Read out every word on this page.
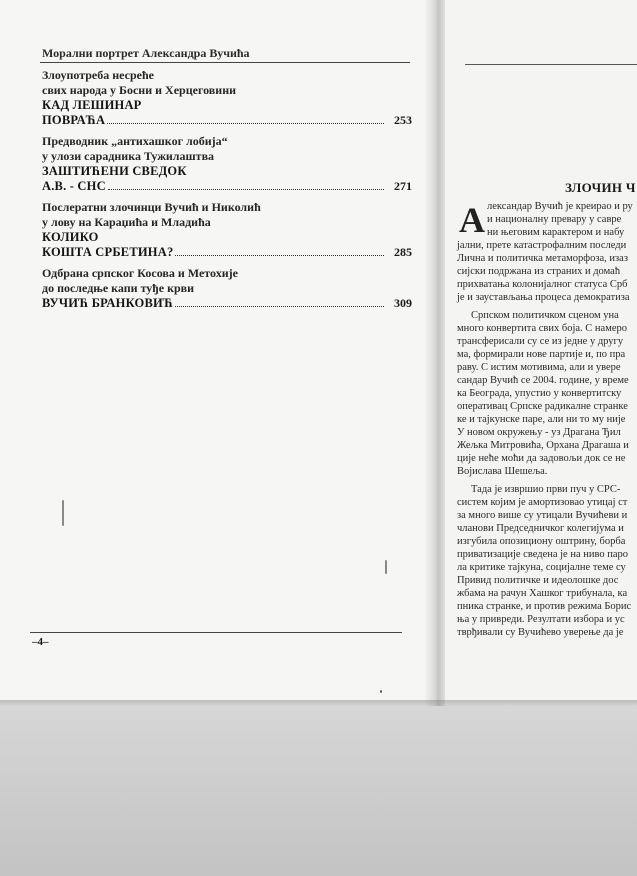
Морални портрет Александра Вучића
Злоупотреба несреће
свих народа у Босни и Херцеговини
КАД ЛЕШИНАР
ПОВРАЋА	253
Предводник „антихашког лобија“
у улози сарадника Тужилаштва
ЗАШТИЋЕНИ СВЕДОК
А.В. - СНС	271
Послератни злочинци Вучић и Николић
у лову на Караџића и Младића
КОЛИКО
КОШТА СРБЕТИНА?	285
Одбрана српског Косова и Метохије
до последње капи туђе крви
ВУЧИЋ БРАНКОВИЋ	309
–4–
ЗЛОЧИН Ч
А лександар Вучић је креирао и ру
и националну превару у савре
ни његовим карактером и набу
јални, прете катастрофалним последи
Лична и политичка метаморфоза, изаз
сијски подржана из страних и домаћ
прихватања колонијалног статуса Срб
је и заустављања процеса демократиза
Српском политичком сценом уна
много конвертита свих боја. С намеро
трансферисали су се из једне у другу
ма, формирали нове партије и, по пра
раву. С истим мотивима, али и увере
сандар Вучић се 2004. године, у време
ка Београда, упустио у конвертитску
оперативац Српске радикалне странке
ке и тајкунске паре, али ни то му није
У новом окружењу - уз Драгана Ђил
Жељка Митровића, Орхана Драгаша и
ције неће моћи да задовољи док се не
Војислава Шешеља.
Тада је извршио први пуч у СРС-
систем којим је амортизовао утицај ст
за много више су утицали Вучићеви и
чланови Председничког колегијума и
изгубила опозициону оштрину, борба
приватизације сведена је на ниво паро
ла критике тајкуна, социјалне теме су
Привид политичке и идеолошке дос
жбама на рачун Хашког трибунала, ка
пника странке, и против режима Борис
ња у привреди. Резултати избора и ус
тврђивали су Вучићево уверење да је
